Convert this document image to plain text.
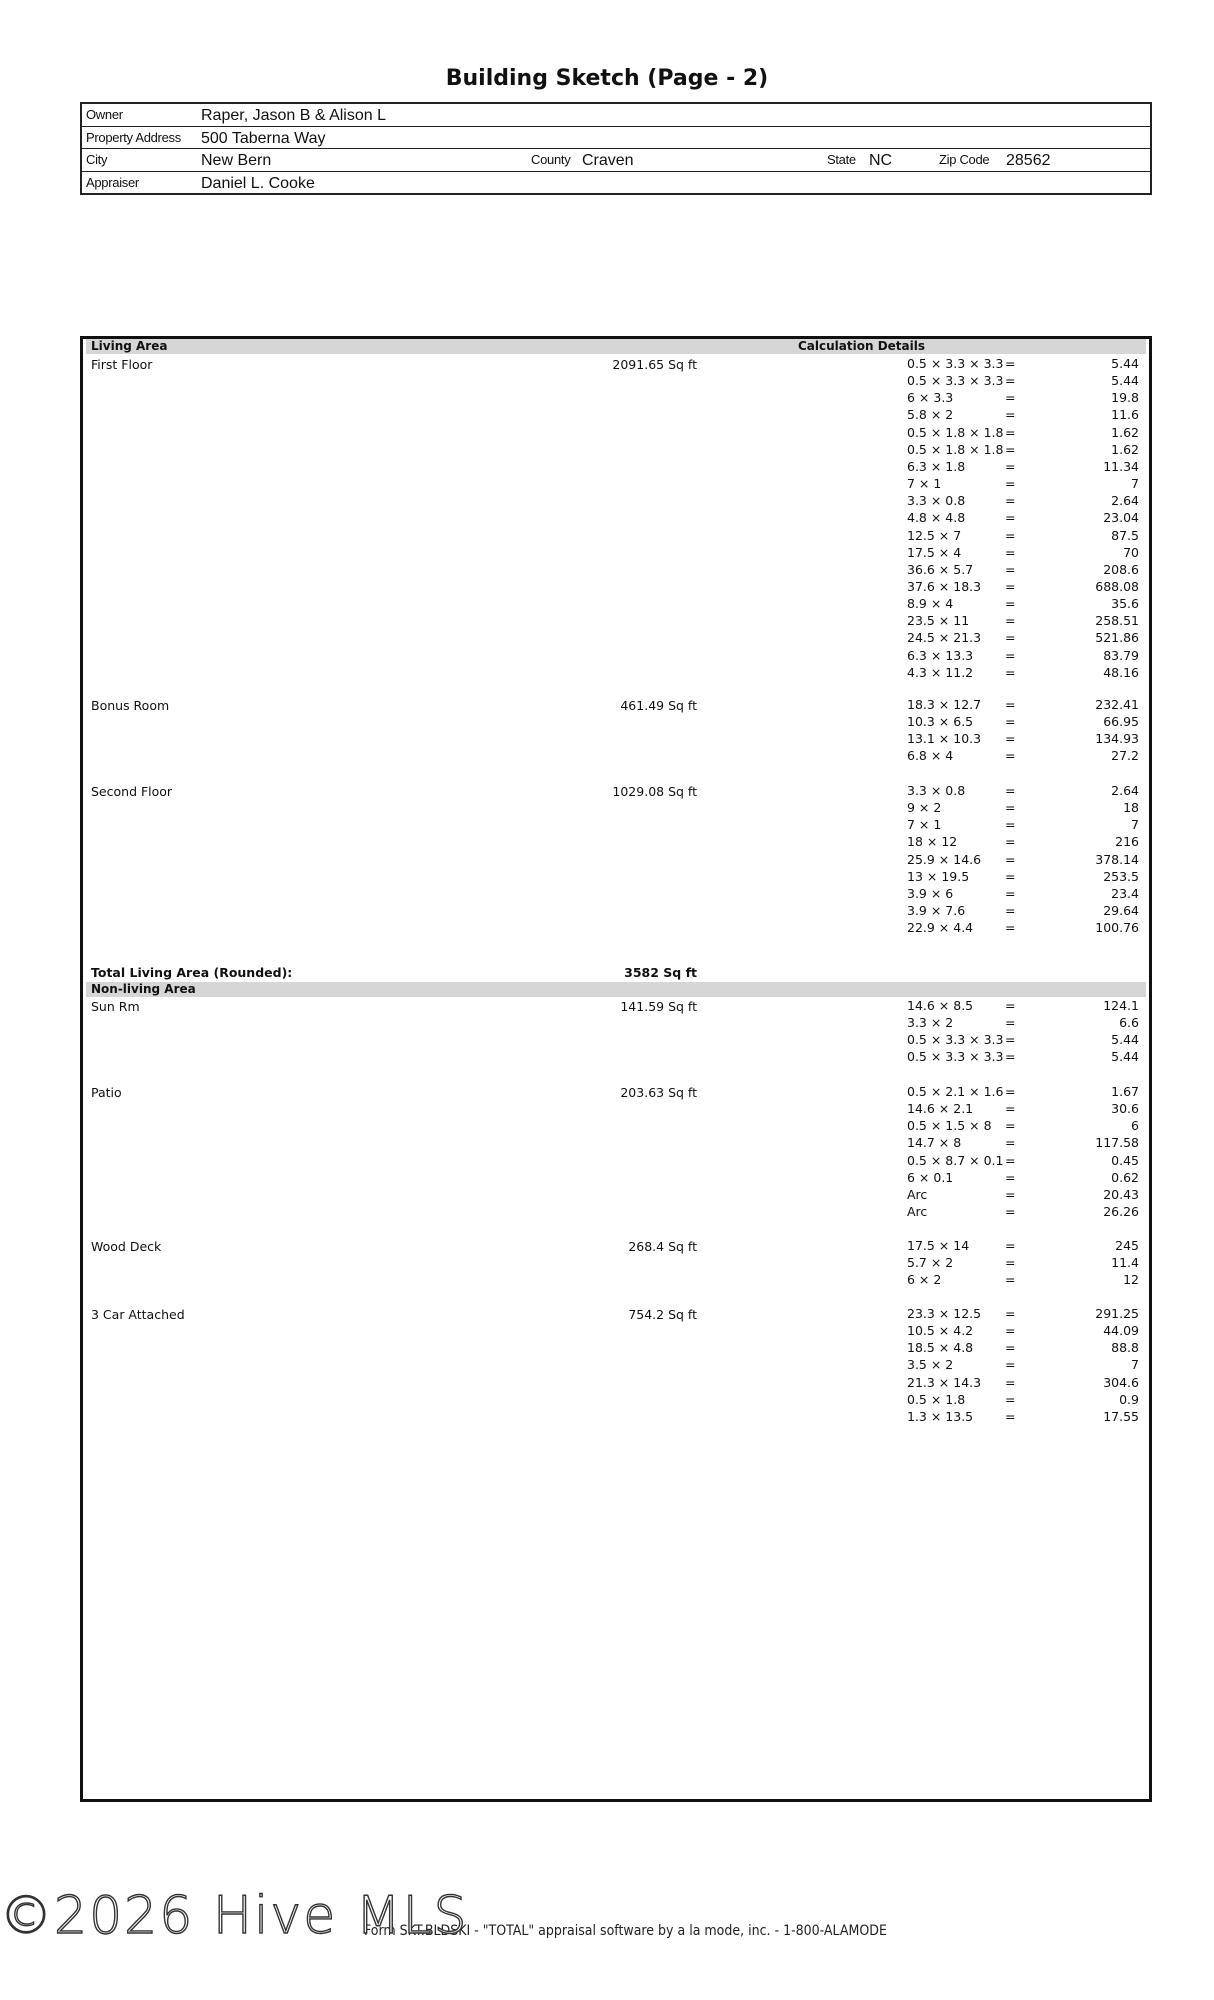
Building Sketch (Page - 2)
Owner	Raper, Jason B & Alison L
Property Address 500 Taberna Way
City	New Bern	County Craven	State NC	Zip Code 28562
Appraiser	Daniel L. Cooke
Living Area	Calculation Details
First Floor	2091.65 Sq ft	0.5 × 3.3 × 3.3 =	5.44
0.5 × 3.3 × 3.3 =	5.44
6 × 3.3	=	19.8
5.8 × 2	=	11.6
0.5 × 1.8 × 1.8 =	1.62
0.5 × 1.8 × 1.8 =	1.62
6.3 × 1.8	=	11.34
7 × 1	=	7
3.3 × 0.8	=	2.64
4.8 × 4.8	=	23.04
12.5 × 7	=	87.5
17.5 × 4	=	70
36.6 × 5.7	=	208.6
37.6 × 18.3 =	688.08
8.9 × 4	=	35.6
23.5 × 11	=	258.51
24.5 × 21.3 =	521.86
6.3 × 13.3	=	83.79
4.3 × 11.2	=	48.16
Bonus Room	461.49 Sq ft	18.3 × 12.7 =	232.41
10.3 × 6.5	=	66.95
13.1 × 10.3 =	134.93
6.8 × 4	=	27.2
Second Floor	1029.08 Sq ft	3.3 × 0.8	=	2.64
9 × 2	=	18
7 × 1	=	7
18 × 12	=	216
25.9 × 14.6 =	378.14
13 × 19.5	=	253.5
3.9 × 6	=	23.4
3.9 × 7.6	=	29.64
22.9 × 4.4	=	100.76
Total Living Area (Rounded):	3582 Sq ft
Non-living Area
Sun Rm	141.59 Sq ft	14.6 × 8.5	=	124.1
3.3 × 2	=	6.6
0.5 × 3.3 × 3.3 =	5.44
0.5 × 3.3 × 3.3 =	5.44
Patio	203.63 Sq ft	0.5 × 2.1 × 1.6 =	1.67
14.6 × 2.1	=	30.6
0.5 × 1.5 × 8 =	6
14.7 × 8	=	117.58
0.5 × 8.7 × 0.1 =	0.45
6 × 0.1	=	0.62
Arc	=	20.43
Arc	=	26.26
Wood Deck	268.4 Sq ft	17.5 × 14	=	245
5.7 × 2	=	11.4
6 × 2	=	12
3 Car Attached	754.2 Sq ft	23.3 × 12.5 =	291.25
10.5 × 4.2	=	44.09
18.5 × 4.8	=	88.8
3.5 × 2	=	7
21.3 × 14.3 =	304.6
0.5 × 1.8	=	0.9
1.3 × 13.5	=	17.55
Form SKT.BLDSKI - "TOTAL" appraisal software by a la mode, inc. - 1-800-ALAMODE
©2026 Hive MLS
